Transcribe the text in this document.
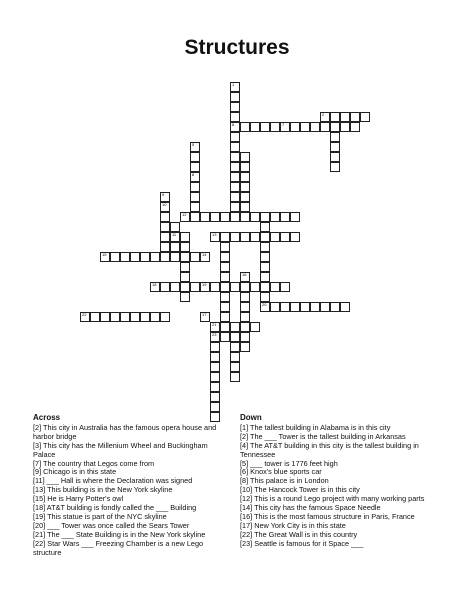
Structures
1
6
5
8
9
10
20
23
11
16
7
2
12
13
15	14
18	19
22
21
17
Across
[2] This city in Australia has the famous opera house and harbor bridge
[3] This city has the Millenium Wheel and Buckingham Palace
[7] The country that Legos come from
[9] Chicago is in this state
[11] ___ Hall is where the Declaration was signed
[13] This building is in the New York skyline
[15] He is Harry Potter's owl
[18] AT&T building is fondly called the ___ Building
[19] This statue is part of the NYC skyline
[20] ___ Tower was once called the Sears Tower
[21] The ___ State Building is in the New York skyline
[22] Star Wars ___ Freezing Chamber is a new Lego structure
Down
[1] The tallest building in Alabama is in this city
[2] The ___ Tower is the tallest building in Arkansas
[4] The AT&T building in this city is the tallest building in Tennessee
[5] ___ tower is 1776 feet high
[6] Knox's blue sports car
[8] This palace is in London
[10] The Hancock Tower is in this city
[12] This is a round Lego project with many working parts
[14] This city has the famous Space Needle
[16] This is the most famous structure in Paris, France
[17] New York City is in this state
[22] The Great Wall is in this country
[23] Seattle is famous for it Space ___
